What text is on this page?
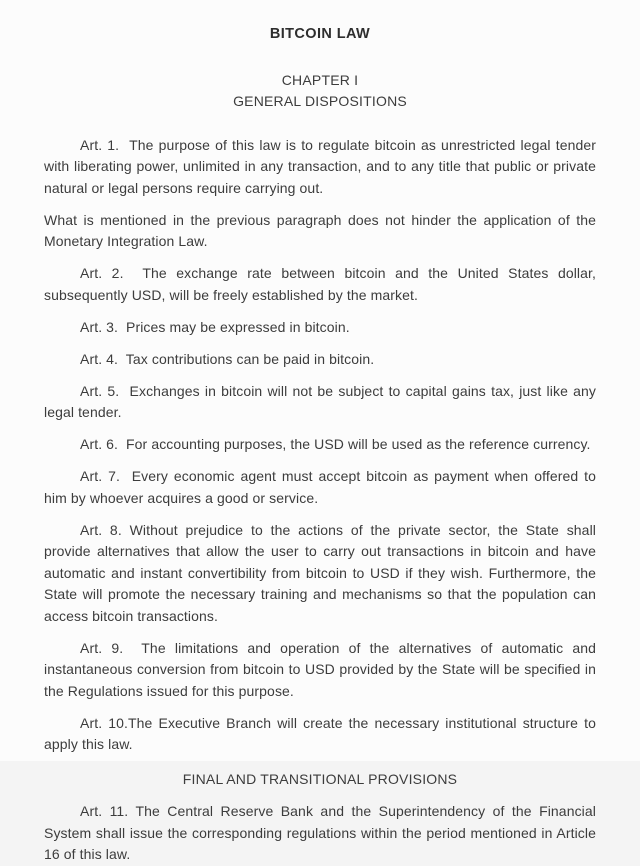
BITCOIN LAW

CHAPTER I

GENERAL DISPOSITIONS

Art. 1.  The purpose of this law is to regulate bitcoin as unrestricted legal tender with liberating power, unlimited in any transaction, and to any title that public or private natural or legal persons require carrying out.

What is mentioned in the previous paragraph does not hinder the application of the Monetary Integration Law.

Art. 2.  The exchange rate between bitcoin and the United States dollar, subsequently USD, will be freely established by the market.

Art. 3.  Prices may be expressed in bitcoin.

Art. 4.  Tax contributions can be paid in bitcoin.

Art. 5.  Exchanges in bitcoin will not be subject to capital gains tax, just like any legal tender.

Art. 6.  For accounting purposes, the USD will be used as the reference currency.

Art. 7.  Every economic agent must accept bitcoin as payment when offered to him by whoever acquires a good or service.

Art. 8. Without prejudice to the actions of the private sector, the State shall provide alternatives that allow the user to carry out transactions in bitcoin and have automatic and instant convertibility from bitcoin to USD if they wish. Furthermore, the State will promote the necessary training and mechanisms so that the population can access bitcoin transactions.

Art. 9.  The limitations and operation of the alternatives of automatic and instantaneous conversion from bitcoin to USD provided by the State will be specified in the Regulations issued for this purpose.

Art. 10.The Executive Branch will create the necessary institutional structure to apply this law.

FINAL AND TRANSITIONAL PROVISIONS

Art. 11. The Central Reserve Bank and the Superintendency of the Financial System shall issue the corresponding regulations within the period mentioned in Article 16 of this law.
